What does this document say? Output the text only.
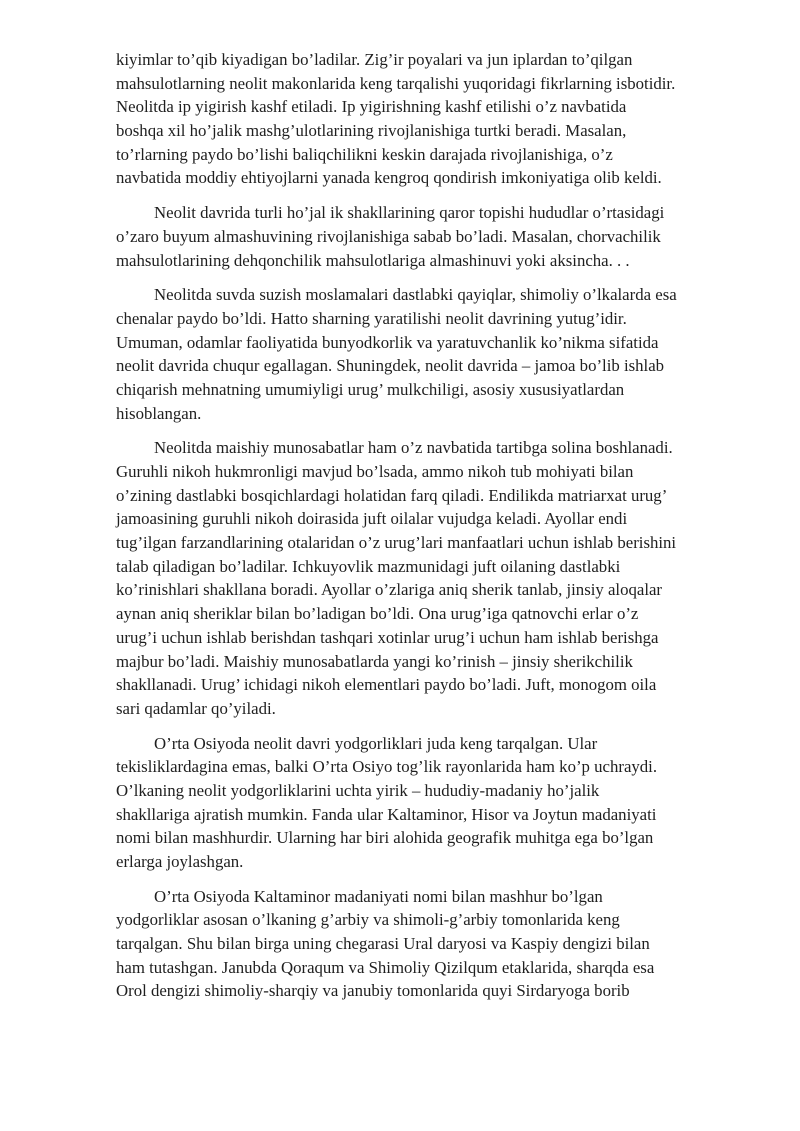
kiyimlar to’qib kiyadigan bo’ladilar. Zig’ir poyalari va jun iplardan to’qilgan
mahsulotlarning neolit makonlarida keng tarqalishi yuqoridagi fikrlarning isbotidir.
Neolitda ip yigirish kashf etiladi. Ip yigirishning kashf etilishi o’z navbatida
boshqa xil ho’jalik mashg’ulotlarining rivojlanishiga turtki beradi. Masalan,
to’rlarning paydo bo’lishi baliqchilikni keskin darajada rivojlanishiga, o’z
navbatida moddiy ehtiyojlarni yanada kengroq qondirish imkoniyatiga olib keldi.

Neolit davrida turli ho’jal ik shakllarining qaror topishi hududlar o’rtasidagi
o’zaro buyum almashuvining rivojlanishiga sabab bo’ladi. Masalan, chorvachilik
mahsulotlarining dehqonchilik mahsulotlariga almashinuvi yoki aksincha. . .

Neolitda suvda suzish moslamalari dastlabki qayiqlar, shimoliy o’lkalarda esa
chenalar paydo bo’ldi. Hatto sharning yaratilishi neolit davrining yutug’idir.
Umuman, odamlar faoliyatida bunyodkorlik va yaratuvchanlik ko’nikma sifatida
neolit davrida chuqur egallagan. Shuningdek, neolit davrida – jamoa bo’lib ishlab
chiqarish mehnatning umumiyligi urug’ mulkchiligi, asosiy xususiyatlardan
hisoblangan.

Neolitda maishiy munosabatlar ham o’z navbatida tartibga solina boshlanadi.
Guruhli nikoh hukmronligi mavjud bo’lsada, ammo nikoh tub mohiyati bilan
o’zining dastlabki bosqichlardagi holatidan farq qiladi. Endilikda matriarxat urug’
jamoasining guruhli nikoh doirasida juft oilalar vujudga keladi. Ayollar endi
tug’ilgan farzandlarining otalaridan o’z urug’lari manfaatlari uchun ishlab berishini
talab qiladigan bo’ladilar. Ichkuyovlik mazmunidagi juft oilaning dastlabki
ko’rinishlari shakllana boradi. Ayollar o’zlariga aniq sherik tanlab, jinsiy aloqalar
aynan aniq sheriklar bilan bo’ladigan bo’ldi. Ona urug’iga qatnovchi erlar o’z
urug’i uchun ishlab berishdan tashqari xotinlar urug’i uchun ham ishlab berishga
majbur bo’ladi. Maishiy munosabatlarda yangi ko’rinish – jinsiy sherikchilik
shakllanadi. Urug’ ichidagi nikoh elementlari paydo bo’ladi. Juft, monogom oila
sari qadamlar qo’yiladi.

O’rta Osiyoda neolit davri yodgorliklari juda keng tarqalgan. Ular
tekisliklardagina emas, balki O’rta Osiyo tog’lik rayonlarida ham ko’p uchraydi.
O’lkaning neolit yodgorliklarini uchta yirik – hududiy-madaniy ho’jalik
shakllariga ajratish mumkin. Fanda ular Kaltaminor, Hisor va Joytun madaniyati
nomi bilan mashhurdir. Ularning har biri alohida geografik muhitga ega bo’lgan
erlarga joylashgan.

O’rta Osiyoda Kaltaminor madaniyati nomi bilan mashhur bo’lgan
yodgorliklar asosan o’lkaning g’arbiy va shimoli-g’arbiy tomonlarida keng
tarqalgan. Shu bilan birga uning chegarasi Ural daryosi va Kaspiy dengizi bilan
ham tutashgan. Janubda Qoraqum va Shimoliy Qizilqum etaklarida, sharqda esa
Orol dengizi shimoliy-sharqiy va janubiy tomonlarida quyi Sirdaryoga borib
